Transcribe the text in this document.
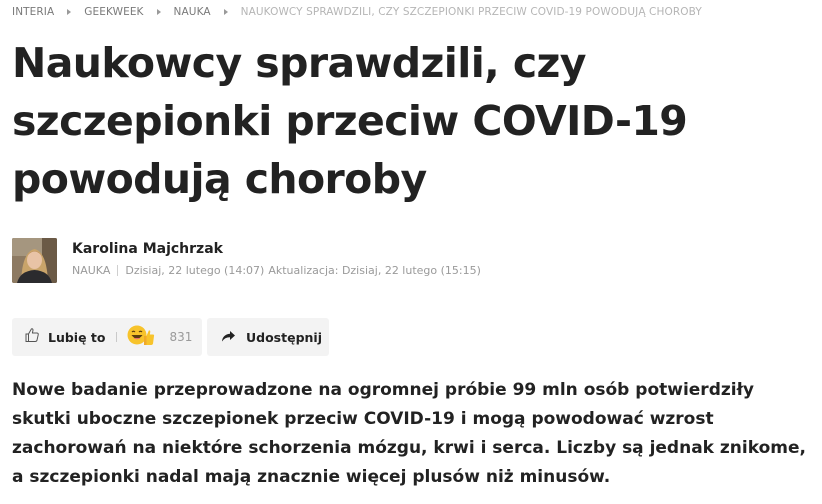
INTERIA	GEEKWEEK	NAUKA	NAUKOWCY SPRAWDZILI, CZY SZCZEPIONKI PRZECIW COVID-19 POWODUJĄ CHOROBY
Naukowcy sprawdzili, czy
szczepionki przeciw COVID-19
powodują choroby
Karolina Majchrzak
NAUKA Dzisiaj, 22 lutego (14:07) Aktualizacja: Dzisiaj, 22 lutego (15:15)
Lubię to	831	Udostępnij

Nowe badanie przeprowadzone na ogromnej próbie 99 mln osób potwierdziły skutki uboczne szczepionek przeciw COVID-19 i mogą powodować wzrost zachorowań na niektóre schorzenia mózgu, krwi i serca. Liczby są jednak znikome, a szczepionki nadal mają znacznie więcej plusów niż minusów.
